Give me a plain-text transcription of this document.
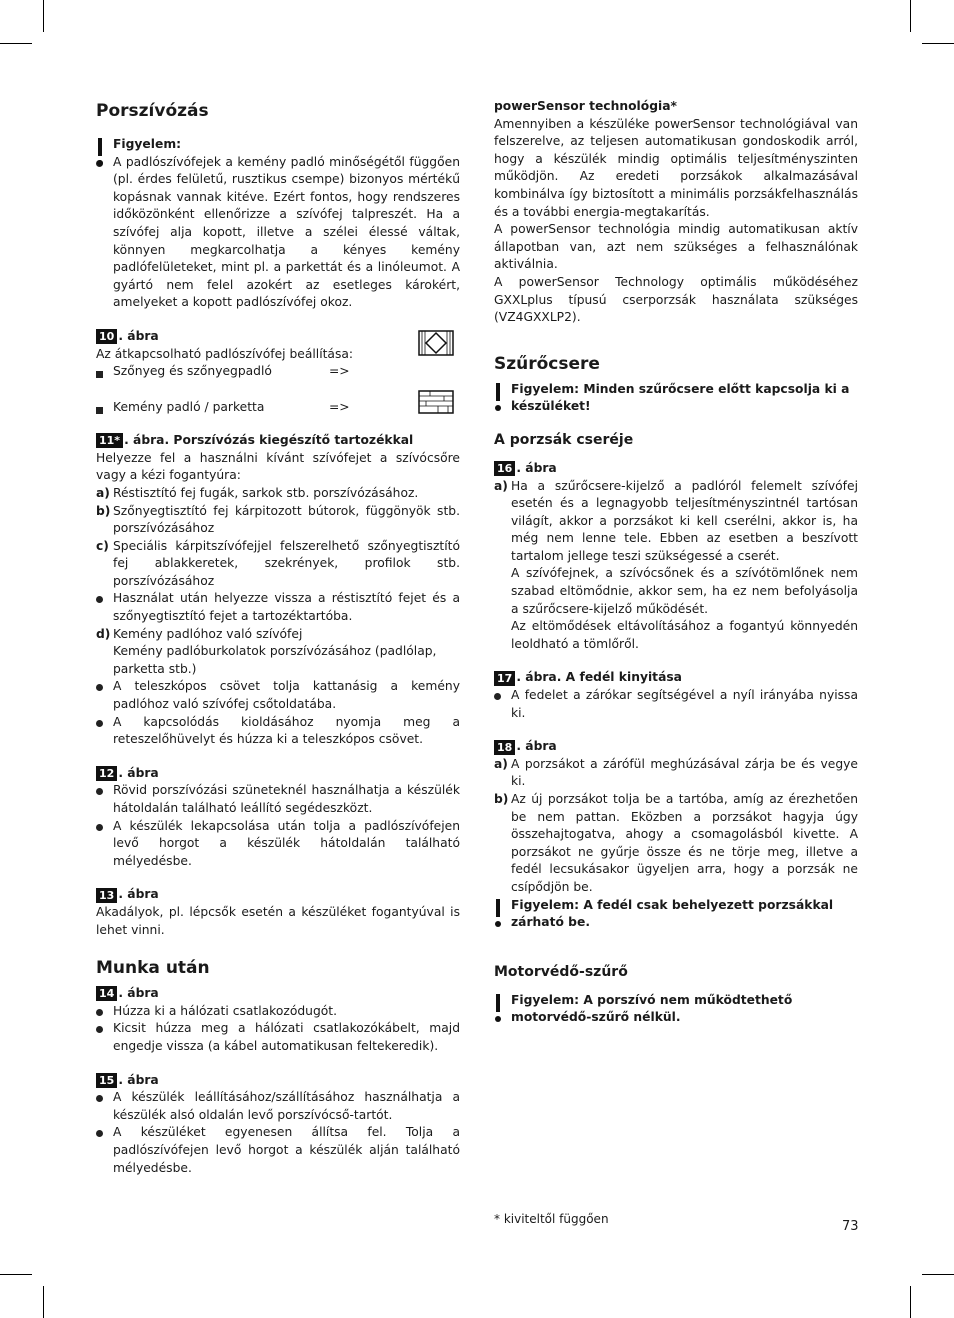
Porszívózás
Figyelem:
A padlószívófejek a kemény padló minőségétől függően (pl. érdes felületű, rusztikus csempe) bizonyos mértékű kopásnak vannak kitéve. Ezért fontos, hogy rendszeres időközönként ellenőrizze a szívófej talpreszét. Ha a szívófej alja kopott, illetve a szélei élessé váltak, könnyen megkarcolhatja a kényes kemény padlófelületeket, mint pl. a parkettát és a linóleumot. A gyártó nem felel azokért az esetleges károkért, amelyeket a kopott padlószívófej okoz.
10 . ábra

Az átkapcsolható padlószívófej beállítása:

Szőnyeg és szőnyegpadló	=>
Kemény padló / parketta	=>
11* . ábra. Porszívózás kiegészítő tartozékkal

Helyezze fel a használni kívánt szívófejet a szívócsőre vagy a kézi fogantyúra:

a) Réstisztító fej fugák, sarkok stb. porszívózásához.
b) Szőnyegtisztító fej kárpitozott bútorok, függönyök stb. porszívózásához
c) Speciális kárpitszívófejjel felszerelhető szőnyegtisztító fej ablakkeretek, szekrények, profilok stb. porszívózásához
Használat után helyezze vissza a réstisztító fejet és a szőnyegtisztító fejet a tartozéktartóba.
d) Kemény padlóhoz való szívófej
Kemény padlóburkolatok porszívózásához (padlólap, parketta stb.)
A teleszkópos csövet tolja kattanásig a kemény padlóhoz való szívófej csőtoldatába.
A kapcsolódás kioldásához nyomja meg a reteszelőhüvelyt és húzza ki a teleszkópos csövet.
12 . ábra
Rövid porszívózási szüneteknél használhatja a készülék hátoldalán található leállító segédeszközt.
A készülék lekapcsolása után tolja a padlószívófejen levő horgot a készülék hátoldalán található mélyedésbe.
13 . ábra

Akadályok, pl. lépcsők esetén a készüléket fogantyúval is lehet vinni.

Munka után
14 . ábra
Húzza ki a hálózati csatlakozódugót.
Kicsit húzza meg a hálózati csatlakozókábelt, majd engedje vissza (a kábel automatikusan feltekeredik).
15 . ábra
A készülék leállításához/szállításához használhatja a készülék alsó oldalán levő porszívócső-tartót.
A készüléket egyenesen állítsa fel. Tolja a padlószívófejen levő horgot a készülék alján található mélyedésbe.
powerSensor technológia*

Amennyiben a készüléke powerSensor technológiával van felszerelve, az teljesen automatikusan gondoskodik arról, hogy a készülék mindig optimális teljesítményszinten működjön. Az eredeti porzsákok alkalmazásával kombinálva így biztosított a minimális porzsákfelhasználás és a további energia-megtakarítás.

A powerSensor technológia mindig automatikusan aktív állapotban van, azt nem szükséges a felhasználónak aktiválnia.

A powerSensor Technology optimális működéséhez GXXLplus típusú cserporzsák használata szükséges (VZ4GXXLP2).

Szűrőcsere
Figyelem: Minden szűrőcsere előtt kapcsolja ki a készüléket!
A porzsák cseréje
16 . ábra
a) Ha a szűrőcsere-kijelző a padlóról felemelt szívófej esetén és a legnagyobb teljesítményszintnél tartósan világít, akkor a porzsákot ki kell cserélni, akkor is, ha még nem lenne tele. Ebben az esetben a beszívott tartalom jellege teszi szükségessé a cserét.
A szívófejnek, a szívócsőnek és a szívótömlőnek nem szabad eltömődnie, akkor sem, ha ez nem befolyásolja a szűrőcsere-kijelző működését.
Az eltömődések eltávolításához a fogantyú könnyedén leoldható a tömlőről.
17 . ábra. A fedél kinyitása
A fedelet a zárókar segítségével a nyíl irányába nyissa ki.
18 . ábra
a) A porzsákot a zárófül meghúzásával zárja be és vegye ki.
b) Az új porzsákot tolja be a tartóba, amíg az érezhetően be nem pattan. Eközben a porzsákot hagyja úgy összehajtogatva, ahogy a csomagolásból kivette. A porzsákot ne gyűrje össze és ne törje meg, illetve a fedél lecsukásakor ügyeljen arra, hogy a porzsák ne csípődjön be.
Figyelem: A fedél csak behelyezett porzsákkal zárható be.
Motorvédő-szűrő
Figyelem: A porszívó nem működtethető motorvédő-szűrő nélkül.
* kiviteltől függően	73
